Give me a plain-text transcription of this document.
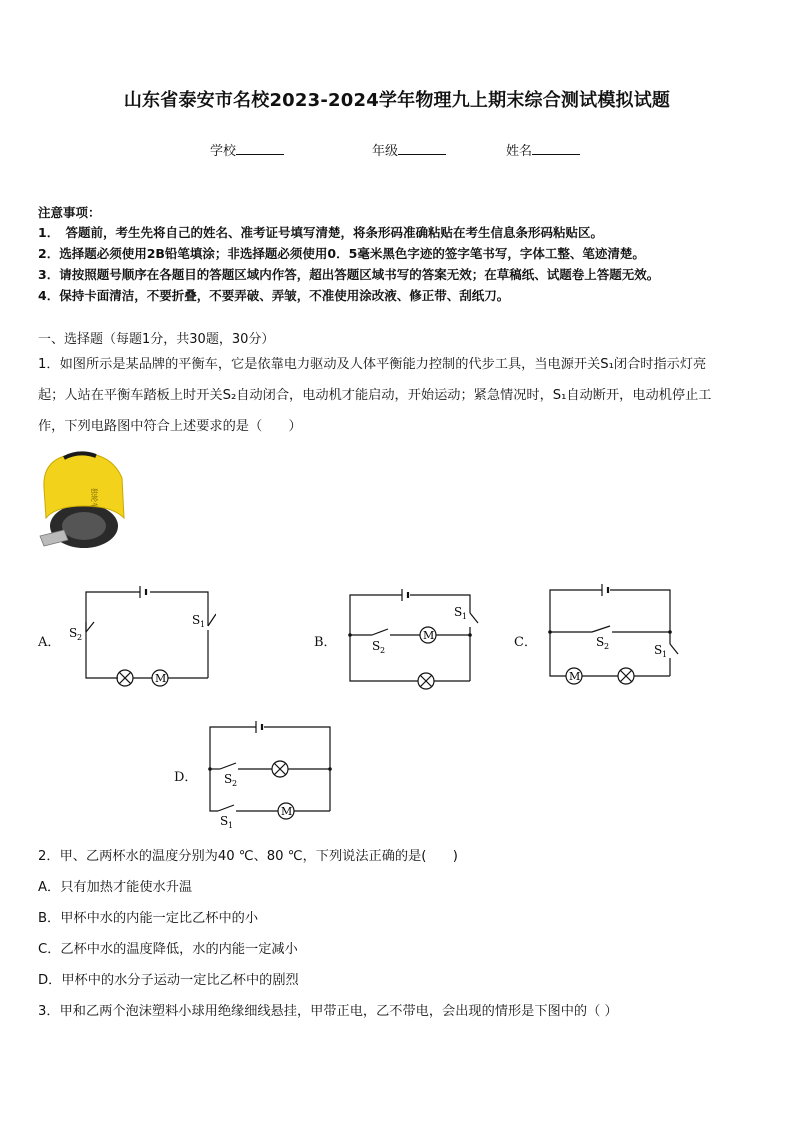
山东省泰安市名校2023-2024学年物理九上期末综合测试模拟试题
学校	年级	姓名
注意事项：
1．　答题前，考生先将自己的姓名、准考证号填写清楚，将条形码准确粘贴在考生信息条形码粘贴区。
2．选择题必须使用2B铅笔填涂；非选择题必须使用0．5毫米黑色字迹的签字笔书写，字体工整、笔迹清楚。
3．请按照题号顺序在各题目的答题区域内作答，超出答题区域书写的答案无效；在草稿纸、试题卷上答题无效。
4．保持卡面清洁，不要折叠，不要弄破、弄皱，不准使用涂改液、修正带、刮纸刀。
一、选择题（每题1分，共30题，30分）
1．如图所示是某品牌的平衡车，它是依靠电力驱动及人体平衡能力控制的代步工具，当电源开关S₁闭合时指示灯亮
起；人站在平衡车踏板上时开关S₂自动闭合，电动机才能启动，开始运动；紧急情况时，S₁自动断开，电动机停止工
作，下列电路图中符合上述要求的是（　　）
独轮车
A．
M
S 2
S 1
B．	M
S 1
S 2
C．
M
S 2	S 1
D．
M
S 2
S 1
2．甲、乙两杯水的温度分别为40 ℃、80 ℃，下列说法正确的是(　　)
A．只有加热才能使水升温
B．甲杯中水的内能一定比乙杯中的小
C．乙杯中水的温度降低，水的内能一定减小
D．甲杯中的水分子运动一定比乙杯中的剧烈
3．甲和乙两个泡沫塑料小球用绝缘细线悬挂，甲带正电，乙不带电，会出现的情形是下图中的（ ）
